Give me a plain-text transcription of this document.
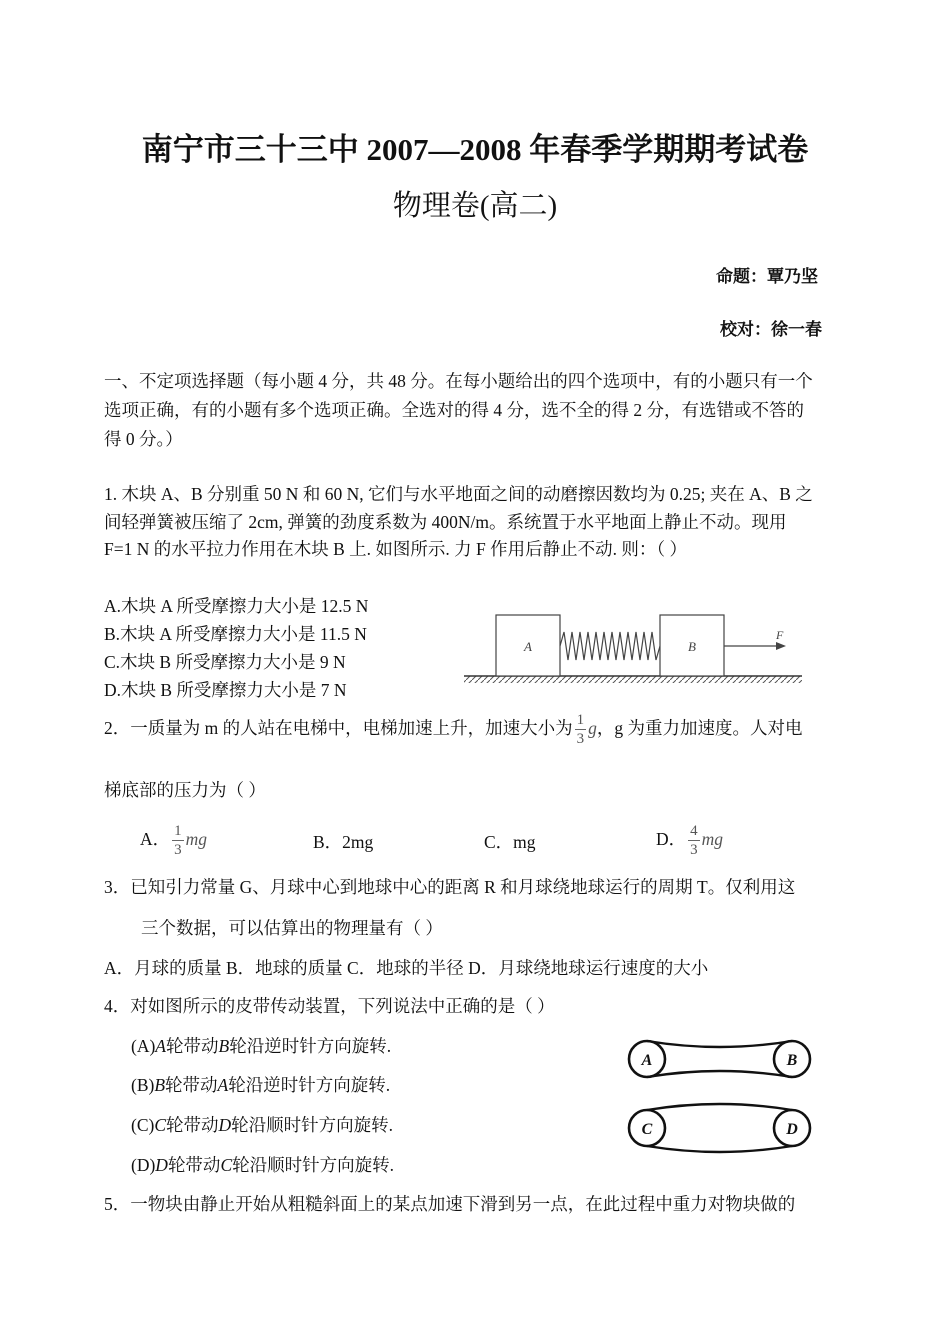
南宁市三十三中 2007—2008 年春季学期期考试卷
物理卷(高二)
命题：覃乃坚
校对：徐一春
一、不定项选择题（每小题 4 分，共 48 分。在每小题给出的四个选项中，有的小题只有一个
选项正确，有的小题有多个选项正确。全选对的得 4 分，选不全的得 2 分，有选错或不答的
得 0 分。）
1. 木块 A、B 分别重 50 N 和 60 N, 它们与水平地面之间的动磨擦因数均为 0.25; 夹在 A、B 之
间轻弹簧被压缩了 2cm, 弹簧的劲度系数为 400N/m。系统置于水平地面上静止不动。现用
F=1 N 的水平拉力作用在木块 B 上. 如图所示. 力 F 作用后静止不动. 则：（ ）
A.木块 A 所受摩擦力大小是 12.5 N
B.木块 A 所受摩擦力大小是 11.5 N
C.木块 B 所受摩擦力大小是 9 N
D.木块 B 所受摩擦力大小是 7 N
A	B
F
2．一质量为 m 的人站在电梯中，电梯加速上升，加速大小为 $\frac{1}{3}$ g，g 为重力加速度。人对电
梯底部的压力为（ ）
A． $\frac{1}{3}$ mg	B．2mg	C．mg	D． $\frac{4}{3}$ mg
3．已知引力常量 G、月球中心到地球中心的距离 R 和月球绕地球运行的周期 T。仅利用这
三个数据，可以估算出的物理量有（ ）
A．月球的质量 B．地球的质量 C．地球的半径 D．月球绕地球运行速度的大小
4．对如图所示的皮带传动装置，下列说法中正确的是（ ）
(A)A轮带动B轮沿逆时针方向旋转.
(B)B轮带动A轮沿逆时针方向旋转.
(C)C轮带动D轮沿顺时针方向旋转.
(D)D轮带动C轮沿顺时针方向旋转.
A	B
C	D
5．一物块由静止开始从粗糙斜面上的某点加速下滑到另一点，在此过程中重力对物块做的
